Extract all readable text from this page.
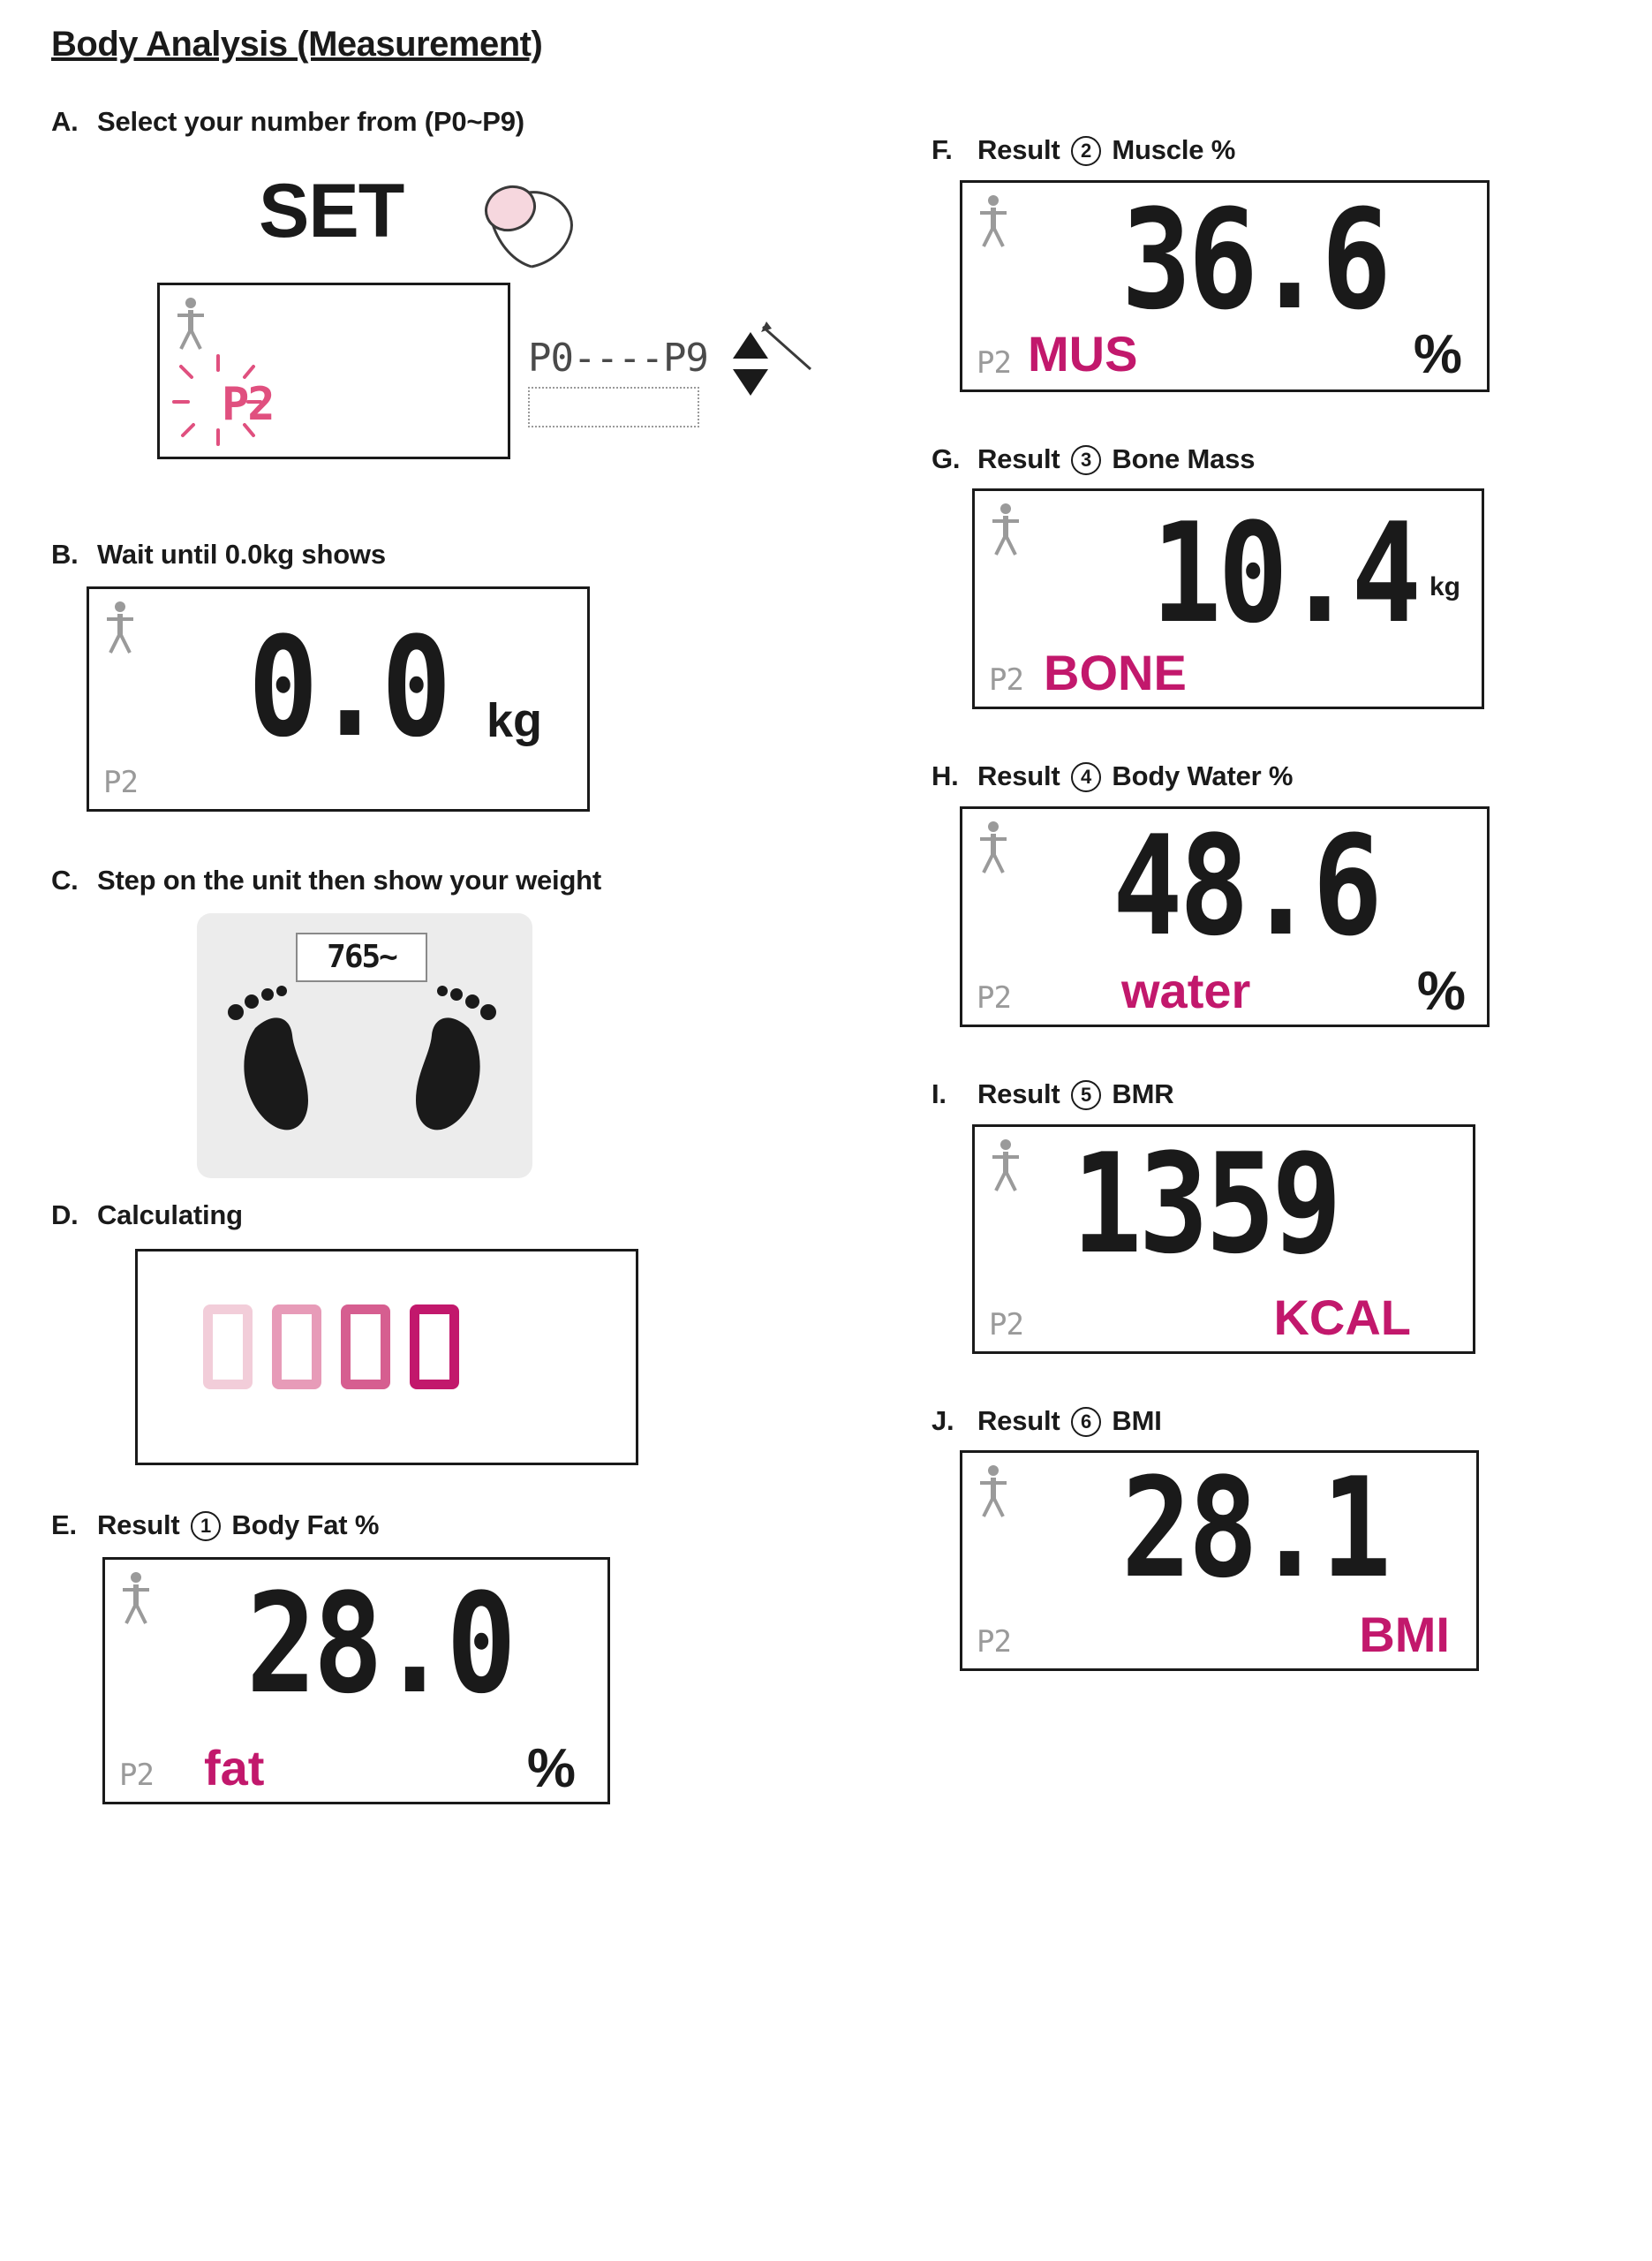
Body Analysis (Measurement)
A. Select your number from (P0~P9)
SET
P2
P0----P9
B. Wait until 0.0kg shows
0.0 kg
P2
C. Step on the unit then show your weight
765~
D. Calculating
E. Result 1 Body Fat %
28.0
fat	%
P2
F. Result 2 Muscle %
36.6
MUS	%
P2
G. Result 3 Bone Mass
10.4 kg
BONE
P2
H. Result 4 Body Water %
48.6
water	%
P2
I.	Result 5 BMR
1359
KCAL
P2
J. Result 6 BMI
28.1
BMI
P2
